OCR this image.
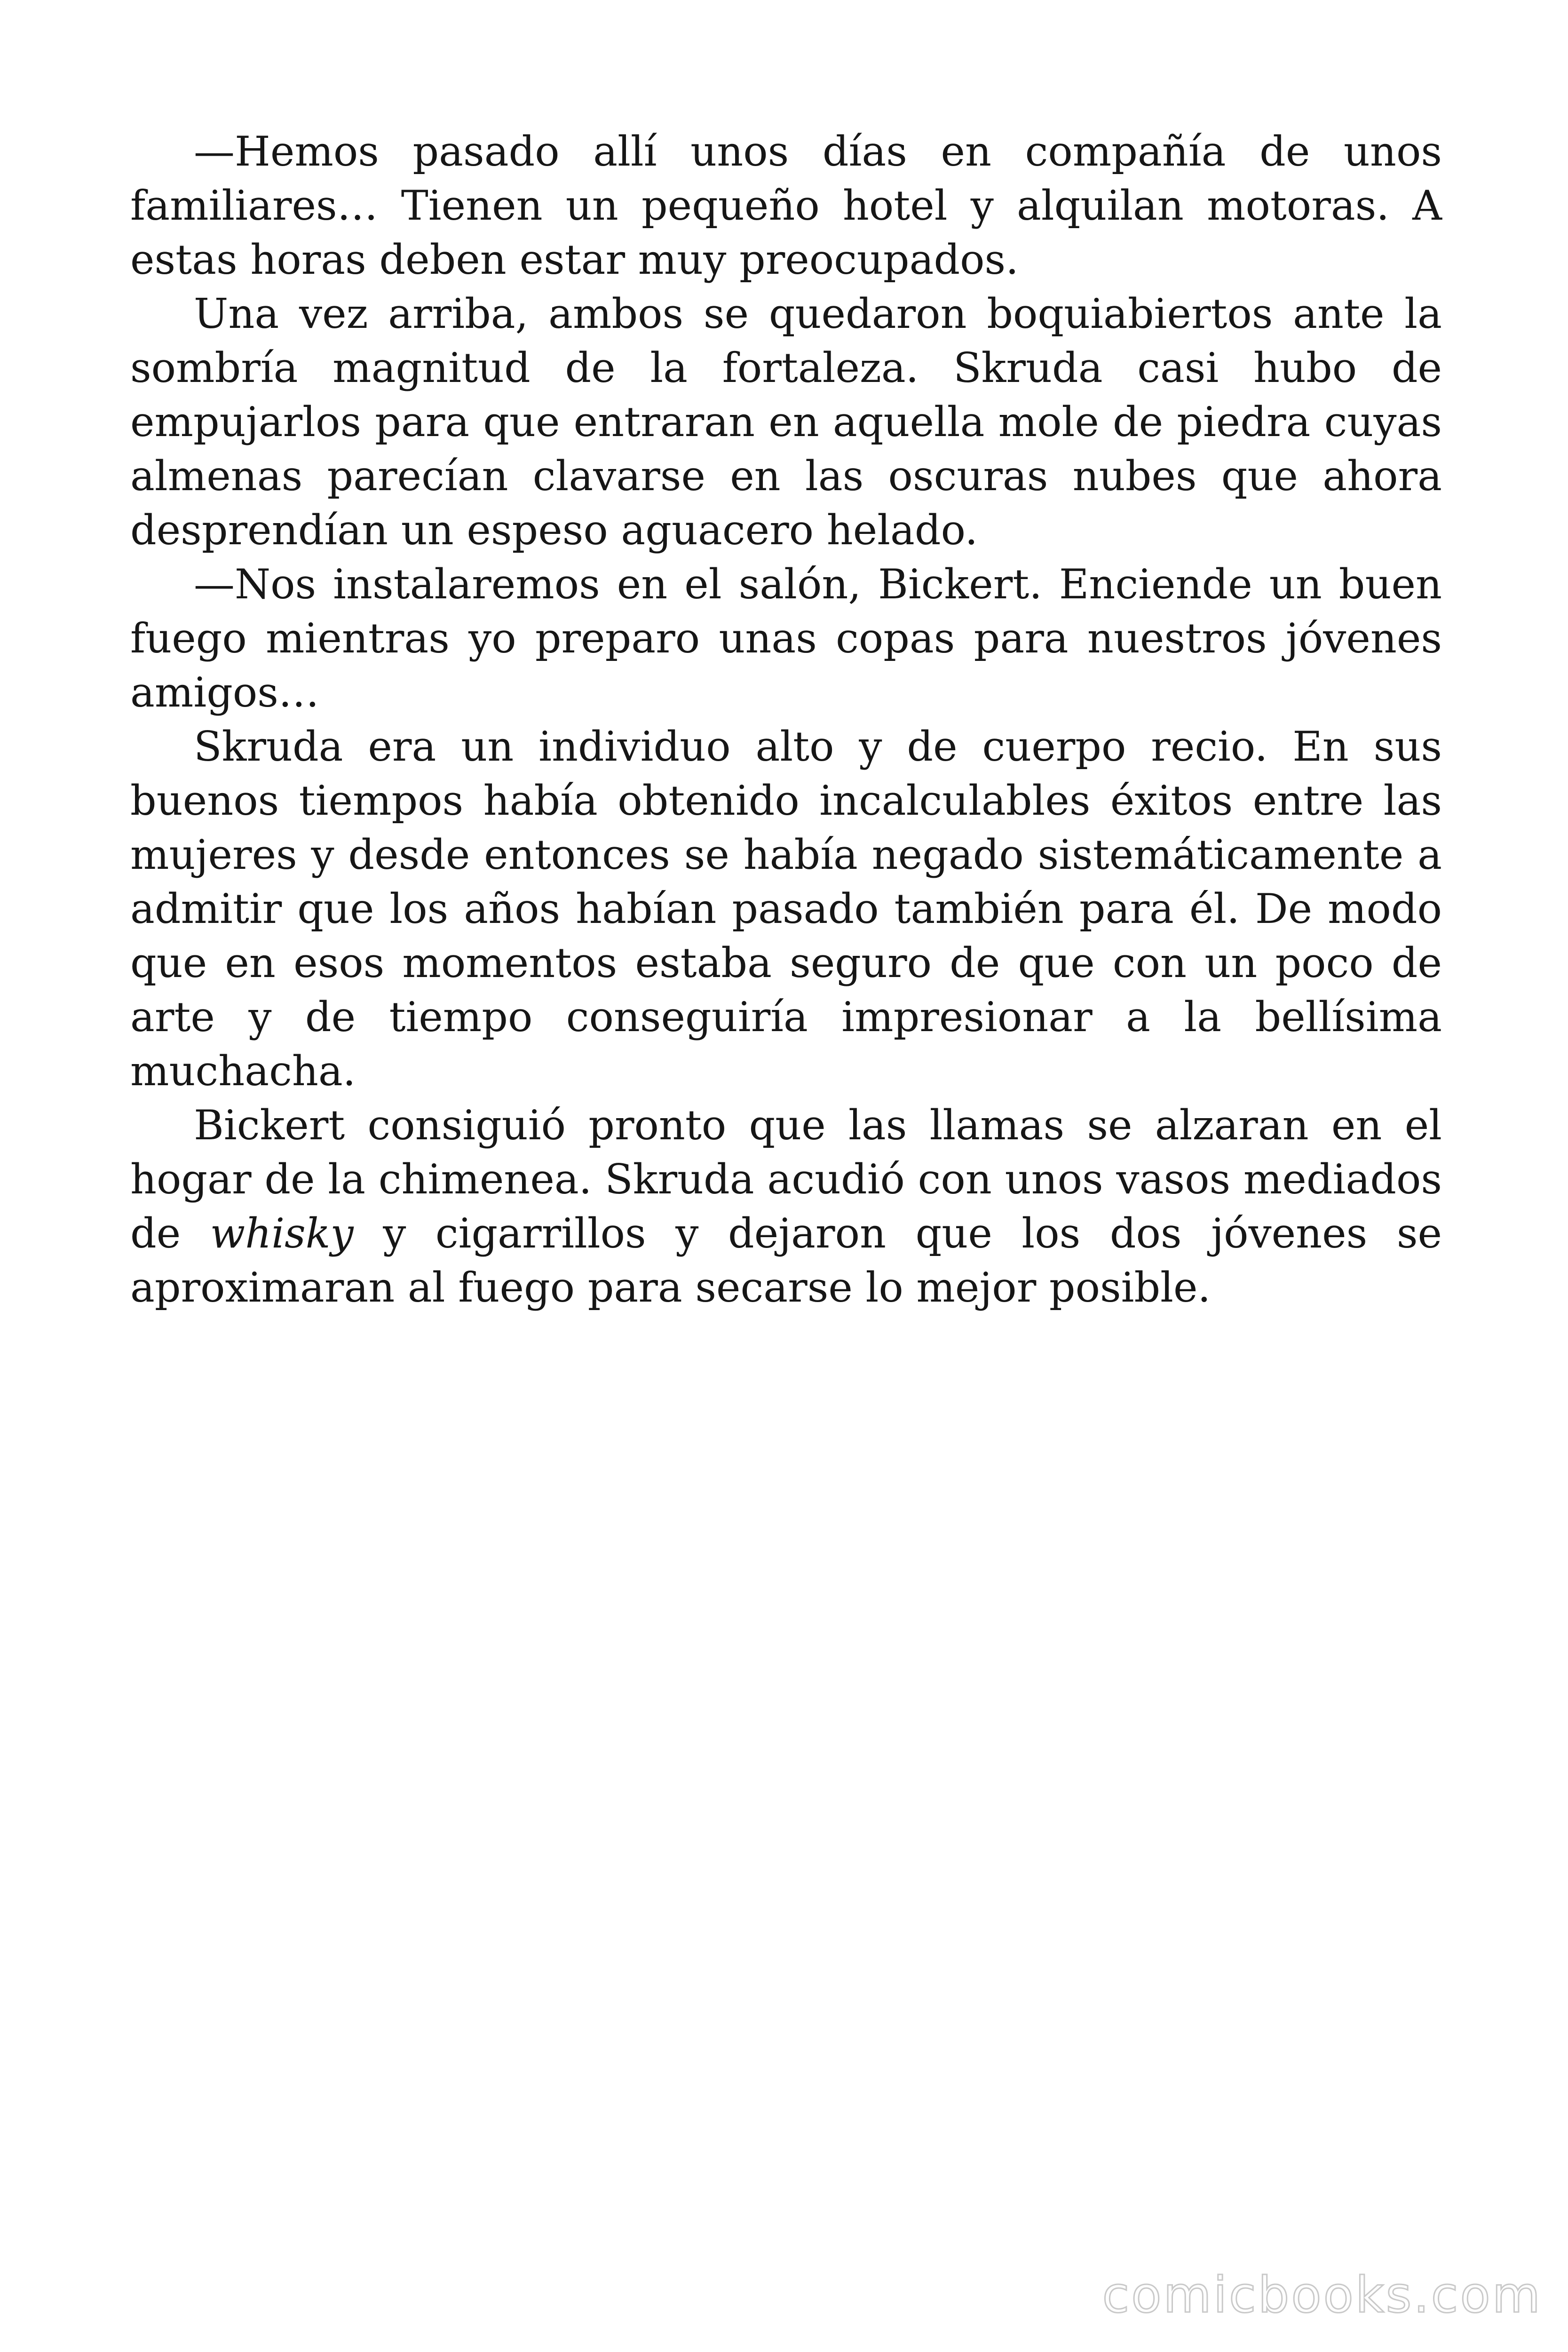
—Hemos pasado allí unos días en compañía de unos familiares… Tienen un pequeño hotel y alquilan motoras. A estas horas deben estar muy preocupados.

Una vez arriba, ambos se quedaron boquiabiertos ante la sombría magnitud de la fortaleza. Skruda casi hubo de empujarlos para que entraran en aquella mole de piedra cuyas almenas parecían clavarse en las oscuras nubes que ahora desprendían un espeso aguacero helado.

—Nos instalaremos en el salón, Bickert. Enciende un buen fuego mientras yo preparo unas copas para nuestros jóvenes amigos…

Skruda era un individuo alto y de cuerpo recio. En sus buenos tiempos había obtenido incalculables éxitos entre las mujeres y desde entonces se había negado sistemáticamente a admitir que los años habían pasado también para él. De modo que en esos momentos estaba seguro de que con un poco de arte y de tiempo conseguiría impresionar a la bellísima muchacha.

Bickert consiguió pronto que las llamas se alzaran en el hogar de la chimenea. Skruda acudió con unos vasos mediados de whisky y cigarrillos y dejaron que los dos jóvenes se aproximaran al fuego para secarse lo mejor posible.

comicbooks.com
